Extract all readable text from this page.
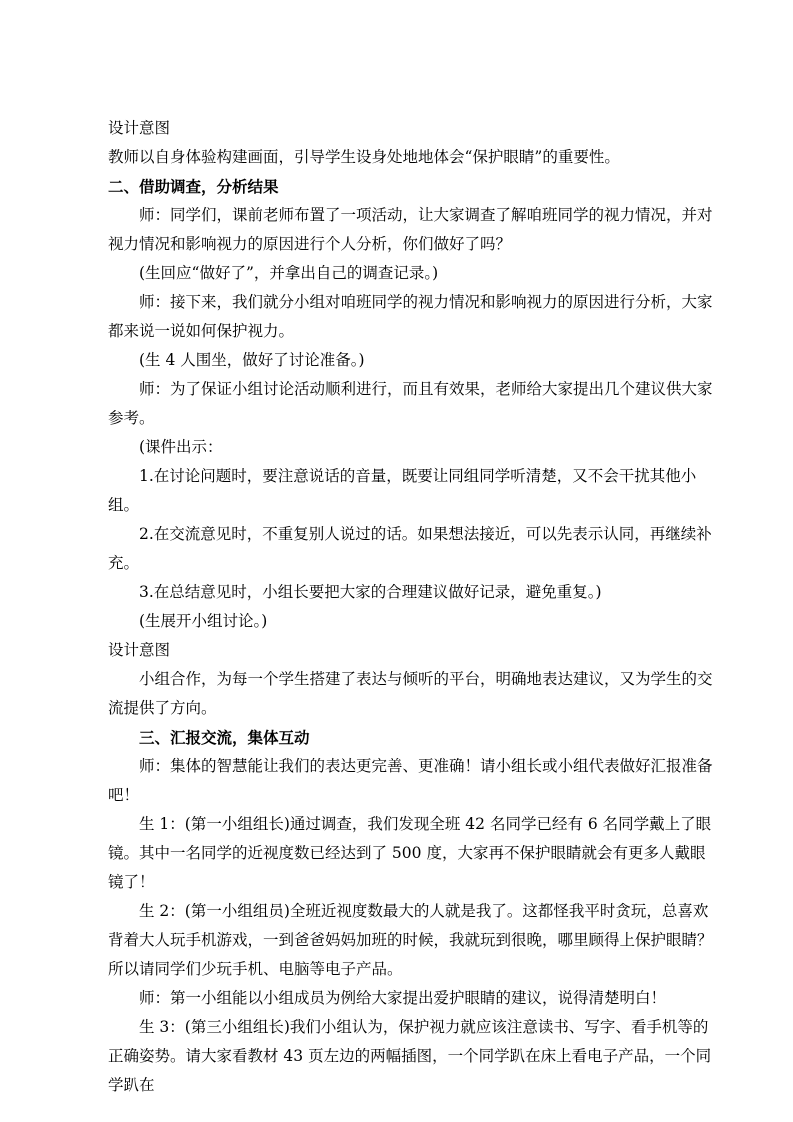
设计意图

教师以自身体验构建画面，引导学生设身处地地体会“保护眼睛”的重要性。

二、借助调查，分析结果

师：同学们，课前老师布置了一项活动，让大家调查了解咱班同学的视力情况，并对视力情况和影响视力的原因进行个人分析，你们做好了吗？

(生回应“做好了”，并拿出自己的调查记录。)

师：接下来，我们就分小组对咱班同学的视力情况和影响视力的原因进行分析，大家都来说一说如何保护视力。

(生 4 人围坐，做好了讨论准备。)

师：为了保证小组讨论活动顺利进行，而且有效果，老师给大家提出几个建议供大家参考。

(课件出示：

1.在讨论问题时，要注意说话的音量，既要让同组同学听清楚，又不会干扰其他小组。

2.在交流意见时，不重复别人说过的话。如果想法接近，可以先表示认同，再继续补充。

3.在总结意见时，小组长要把大家的合理建议做好记录，避免重复。)

(生展开小组讨论。)

设计意图

小组合作，为每一个学生搭建了表达与倾听的平台，明确地表达建议，又为学生的交流提供了方向。

三、汇报交流，集体互动

师：集体的智慧能让我们的表达更完善、更准确！请小组长或小组代表做好汇报准备吧！

生 1：(第一小组组长)通过调查，我们发现全班 42 名同学已经有 6 名同学戴上了眼镜。其中一名同学的近视度数已经达到了 500 度，大家再不保护眼睛就会有更多人戴眼镜了！

生 2：(第一小组组员)全班近视度数最大的人就是我了。这都怪我平时贪玩，总喜欢背着大人玩手机游戏，一到爸爸妈妈加班的时候，我就玩到很晚，哪里顾得上保护眼睛？所以请同学们少玩手机、电脑等电子产品。

师：第一小组能以小组成员为例给大家提出爱护眼睛的建议，说得清楚明白！

生 3：(第三小组组长)我们小组认为，保护视力就应该注意读书、写字、看手机等的正确姿势。请大家看教材 43 页左边的两幅插图，一个同学趴在床上看电子产品，一个同学趴在
